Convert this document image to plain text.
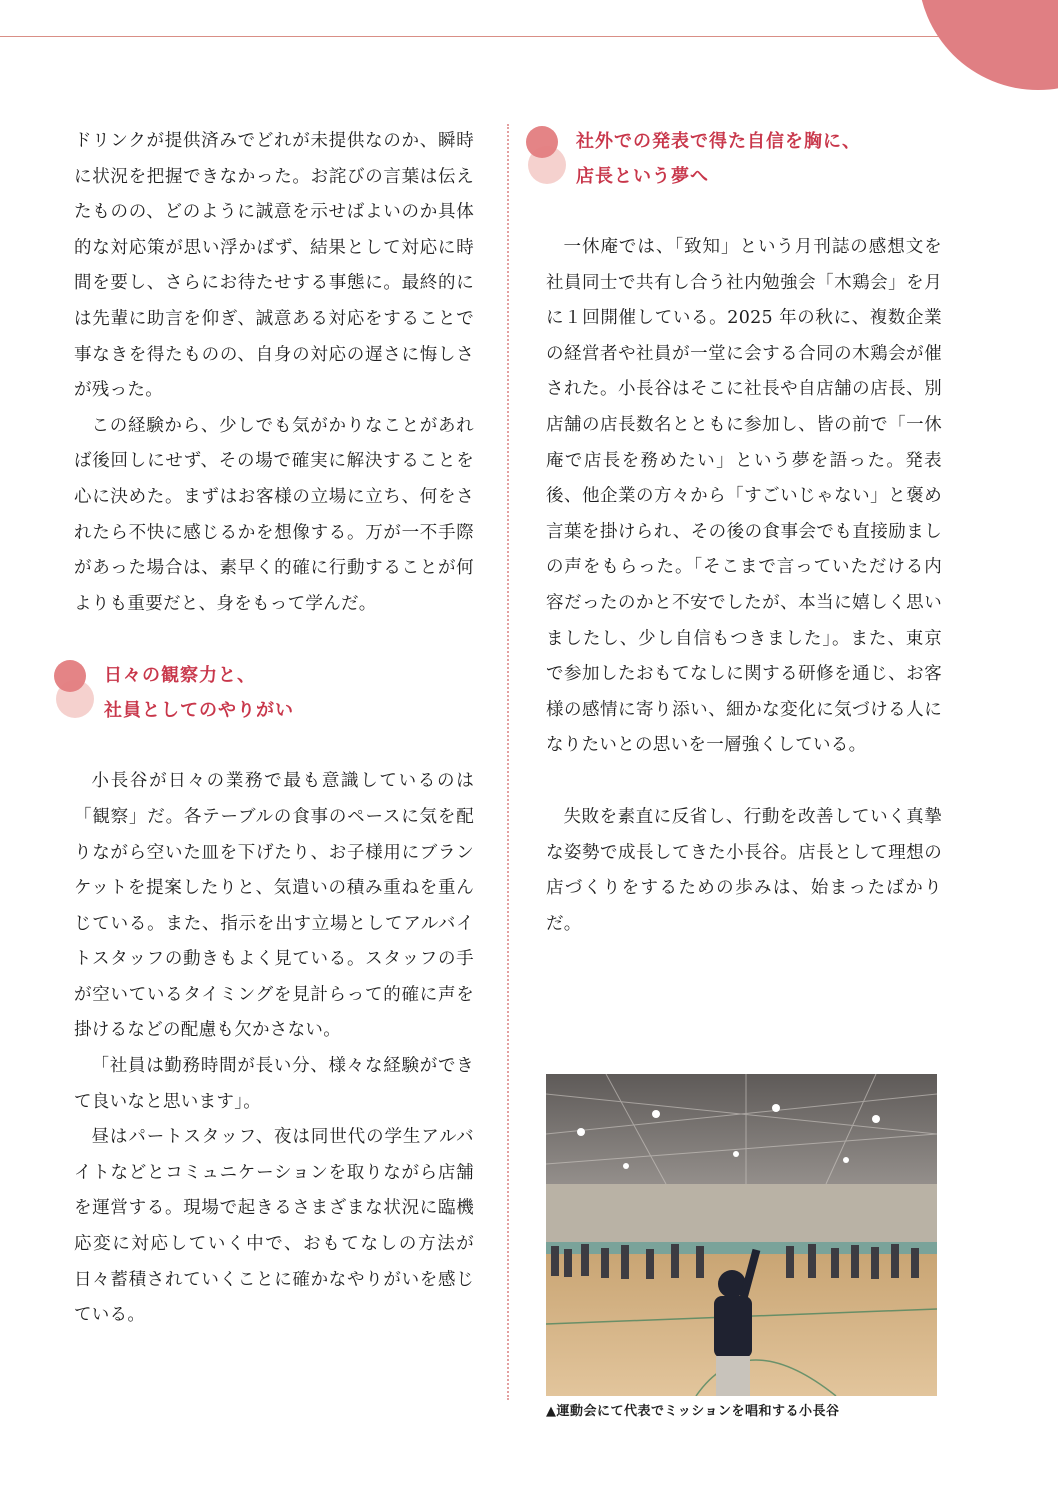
ドリンクが提供済みでどれが未提供なのか、瞬時に状況を把握できなかった。お詫びの言葉は伝えたものの、どのように誠意を示せばよいのか具体的な対応策が思い浮かばず、結果として対応に時間を要し、さらにお待たせする事態に。最終的には先輩に助言を仰ぎ、誠意ある対応をすることで事なきを得たものの、自身の対応の遅さに悔しさが残った。

この経験から、少しでも気がかりなことがあれば後回しにせず、その場で確実に解決することを心に決めた。まずはお客様の立場に立ち、何をされたら不快に感じるかを想像する。万が一不手際があった場合は、素早く的確に行動することが何よりも重要だと、身をもって学んだ。

日々の観察力と、
社員としてのやりがい

小長谷が日々の業務で最も意識しているのは「観察」だ。各テーブルの食事のペースに気を配りながら空いた皿を下げたり、お子様用にブランケットを提案したりと、気遣いの積み重ねを重んじている。また、指示を出す立場としてアルバイトスタッフの動きもよく見ている。スタッフの手が空いているタイミングを見計らって的確に声を掛けるなどの配慮も欠かさない。

「社員は勤務時間が長い分、様々な経験ができて良いなと思います」。

昼はパートスタッフ、夜は同世代の学生アルバイトなどとコミュニケーションを取りながら店舗を運営する。現場で起きるさまざまな状況に臨機応変に対応していく中で、おもてなしの方法が日々蓄積されていくことに確かなやりがいを感じている。

社外での発表で得た自信を胸に、
店長という夢へ

一休庵では、「致知」という月刊誌の感想文を社員同士で共有し合う社内勉強会「木鶏会」を月に１回開催している。2025 年の秋に、複数企業の経営者や社員が一堂に会する合同の木鶏会が催された。小長谷はそこに社長や自店舗の店長、別店舗の店長数名とともに参加し、皆の前で「一休庵で店長を務めたい」という夢を語った。発表後、他企業の方々から「すごいじゃない」と褒め言葉を掛けられ、その後の食事会でも直接励ましの声をもらった。「そこまで言っていただける内容だったのかと不安でしたが、本当に嬉しく思いましたし、少し自信もつきました」。また、東京で参加したおもてなしに関する研修を通じ、お客様の感情に寄り添い、細かな変化に気づける人になりたいとの思いを一層強くしている。

失敗を素直に反省し、行動を改善していく真摯な姿勢で成長してきた小長谷。店長として理想の店づくりをするための歩みは、始まったばかりだ。

▲運動会にて代表でミッションを唱和する小長谷
